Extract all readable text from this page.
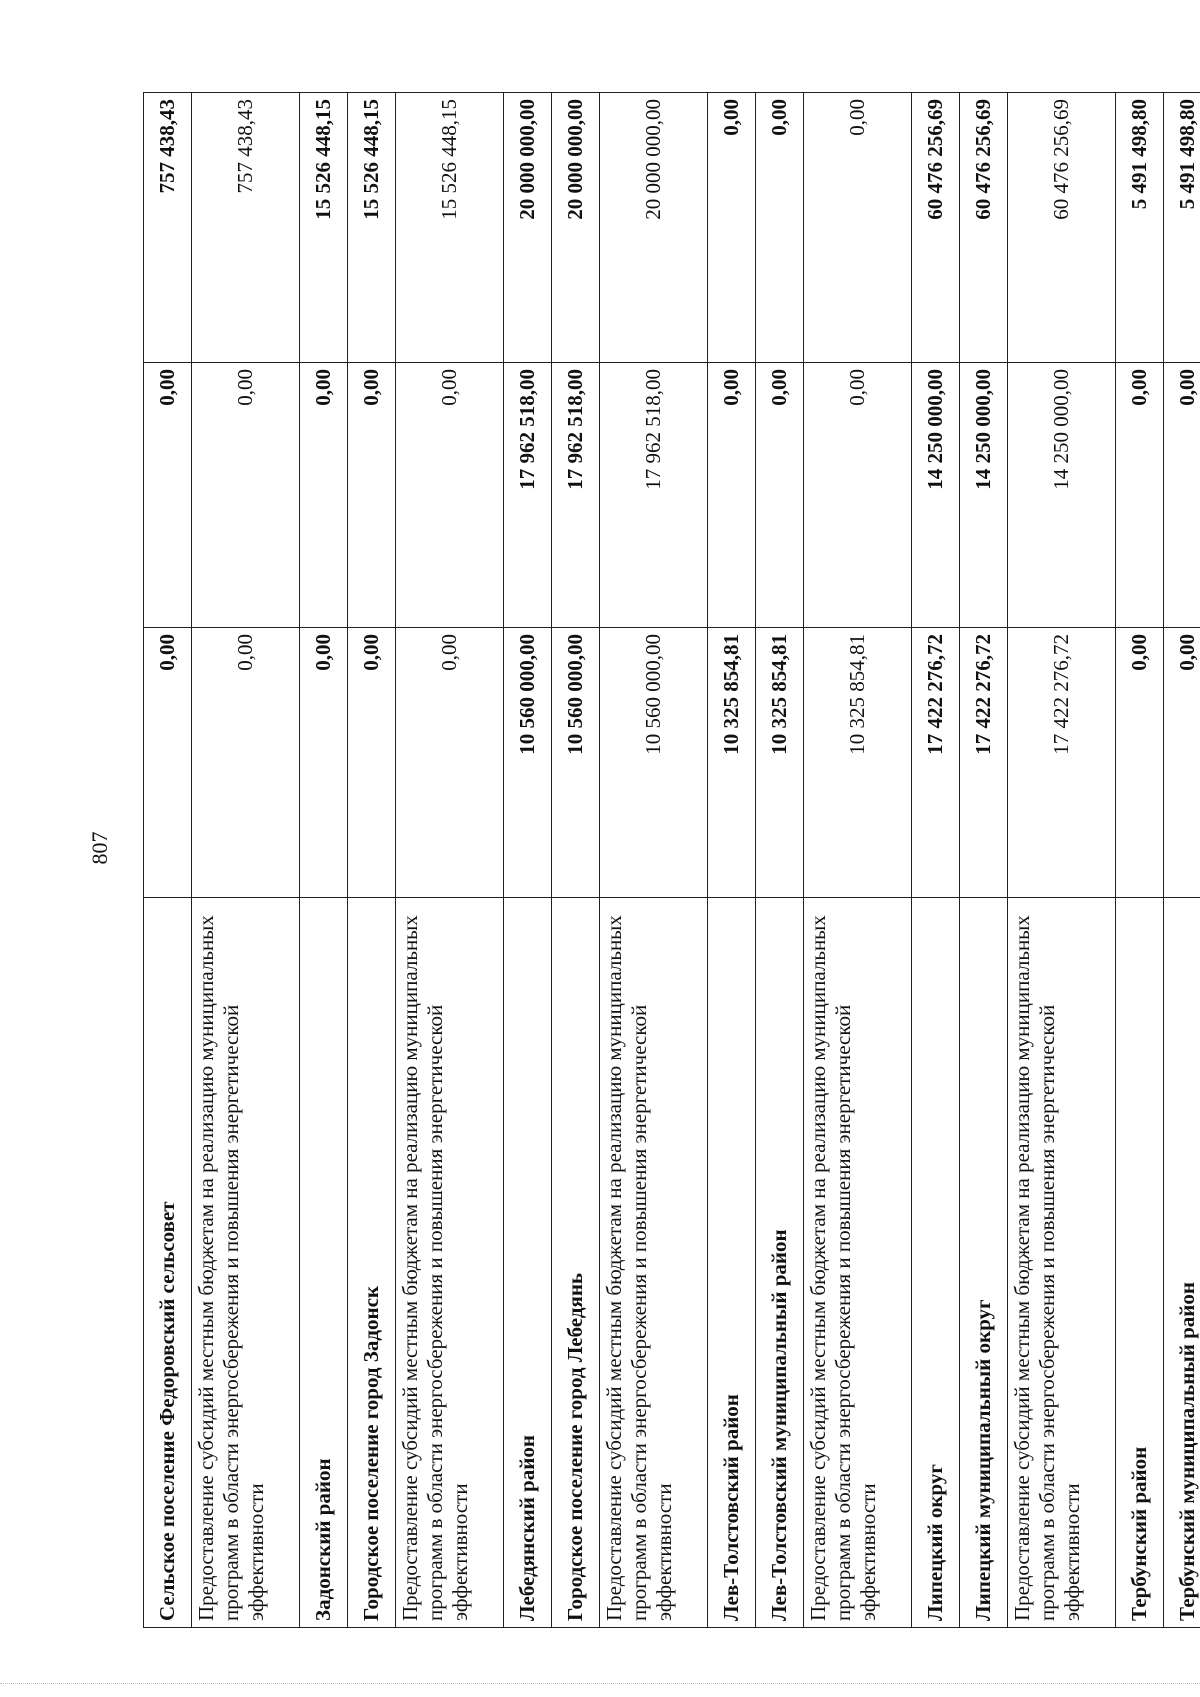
807
Сельское поселение Федоровский сельсовет	0,00	0,00	757 438,43
Предоставление субсидий местным бюджетам на реализацию муниципальных программ в области энергосбережения и повышения энергетической эффективности	0,00	0,00	757 438,43
Задонский район	0,00	0,00	15 526 448,15
Городское поселение город Задонск	0,00	0,00	15 526 448,15
Предоставление субсидий местным бюджетам на реализацию муниципальных программ в области энергосбережения и повышения энергетической эффективности	0,00	0,00	15 526 448,15
Лебедянский район	10 560 000,00	17 962 518,00	20 000 000,00
Городское поселение город Лебедянь	10 560 000,00	17 962 518,00	20 000 000,00
Предоставление субсидий местным бюджетам на реализацию муниципальных программ в области энергосбережения и повышения энергетической эффективности	10 560 000,00	17 962 518,00	20 000 000,00
Лев-Толстовский район	10 325 854,81	0,00	0,00
Лев-Толстовский муниципальный район	10 325 854,81	0,00	0,00
Предоставление субсидий местным бюджетам на реализацию муниципальных программ в области энергосбережения и повышения энергетической эффективности	10 325 854,81	0,00	0,00
Липецкий округ	17 422 276,72	14 250 000,00	60 476 256,69
Липецкий муниципальный округ	17 422 276,72	14 250 000,00	60 476 256,69
Предоставление субсидий местным бюджетам на реализацию муниципальных программ в области энергосбережения и повышения энергетической эффективности	17 422 276,72	14 250 000,00	60 476 256,69
Тербунский район	0,00	0,00	5 491 498,80
Тербунский муниципальный район	0,00	0,00	5 491 498,80
